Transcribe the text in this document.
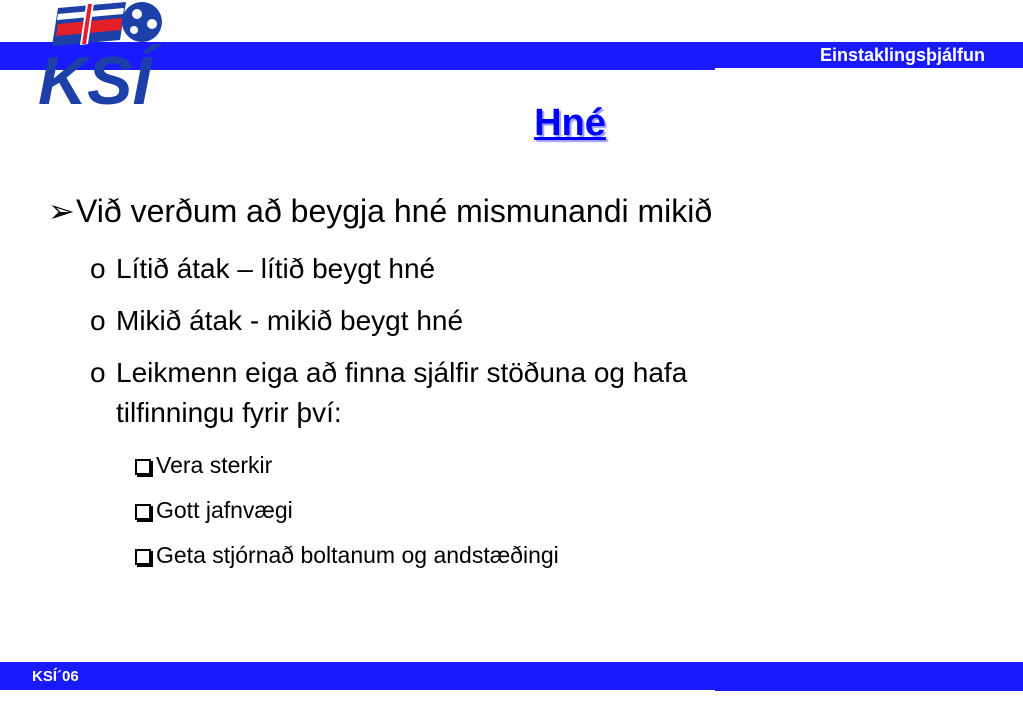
Einstaklingsþjálfun
KSÍ
Hné
➢Við verðum að beygja hné mismunandi mikið
o Lítið átak – lítið beygt hné
o Mikið átak - mikið beygt hné
o Leikmenn eiga að finna sjálfir stöðuna og hafa
tilfinningu fyrir því:
Vera sterkir
Gott jafnvægi
Geta stjórnað boltanum og andstæðingi
KSÍ´06
